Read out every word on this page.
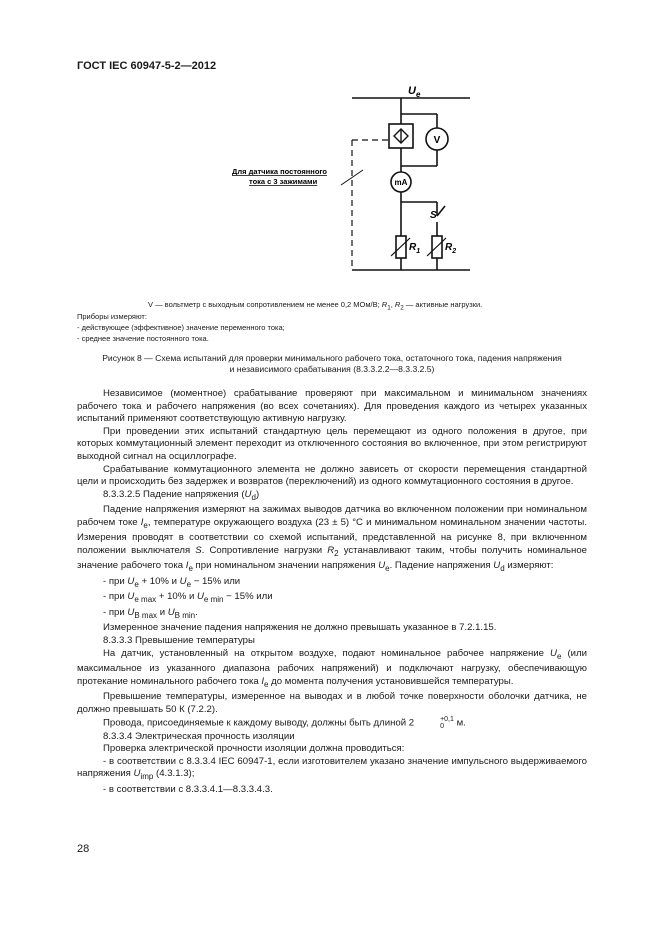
ГОСТ IEC 60947-5-2—2012
V
mA
$U_e$
S
$R_1$ $R_2$
Для датчика постоянного
тока с 3 зажимами
V — вольтметр с выходным сопротивлением не менее 0,2 МОм/В; $R_1$, $R_2$ — активные нагрузки.
Приборы измеряют:
- действующее (эффективное) значение переменного тока;
- среднее значение постоянного тока.
Рисунок 8 — Схема испытаний для проверки минимального рабочего тока, остаточного тока, падения напряжения
и независимого срабатывания (8.3.3.2.2—8.3.3.2.5)

Независимое (моментное) срабатывание проверяют при максимальном и минимальном значениях рабочего тока и рабочего напряжения (во всех сочетаниях). Для проведения каждого из четырех указанных испытаний применяют соответствующую активную нагрузку.

При проведении этих испытаний стандартную цель перемещают из одного положения в другое, при которых коммутационный элемент переходит из отключенного состояния во включенное, при этом регистрируют выходной сигнал на осциллографе.

Срабатывание коммутационного элемента не должно зависеть от скорости перемещения стандартной цели и происходить без задержек и возвратов (переключений) из одного коммутационного состояния в другое.

8.3.3.2.5 Падение напряжения $(U_d)$

Падение напряжения измеряют на зажимах выводов датчика во включенном положении при номинальном рабочем токе $I_e$, температуре окружающего воздуха (23 ± 5) °С и минимальном номинальном значении частоты. Измерения проводят в соответствии со схемой испытаний, представленной на рисунке 8, при включенном положении выключателя S. Сопротивление нагрузки $R_2$ устанавливают таким, чтобы получить номинальное значение рабочего тока $I_e$ при номинальном значении напряжения $U_e$. Падение напряжения $U_d$ измеряют:

- при $U_e + 10\%$ и $U_e - 15\%$ или

- при $U_{e max} + 10\%$ и $U_{e min} - 15\%$ или

- при $U_{B max}$ и $U_{B min}$.

Измеренное значение падения напряжения не должно превышать указанное в 7.2.1.15.

8.3.3.3 Превышение температуры

На датчик, установленный на открытом воздухе, подают номинальное рабочее напряжение $U_e$ (или максимальное из указанного диапазона рабочих напряжений) и подключают нагрузку, обеспечивающую протекание номинального рабочего тока $I_e$ до момента получения установившейся температуры.

Превышение температуры, измеренное на выводах и в любой точке поверхности оболочки датчика, не должно превышать 50 К (7.2.2).

Провода, присоединяемые к каждому выводу, должны быть длиной 2	+0,1
0	м.

8.3.3.4 Электрическая прочность изоляции

Проверка электрической прочности изоляции должна проводиться:

- в соответствии с 8.3.3.4 IEC 60947-1, если изготовителем указано значение импульсного выдерживаемого напряжения $U_{imp}$ (4.3.1.3);

- в соответствии с 8.3.3.4.1—8.3.3.4.3.

28
